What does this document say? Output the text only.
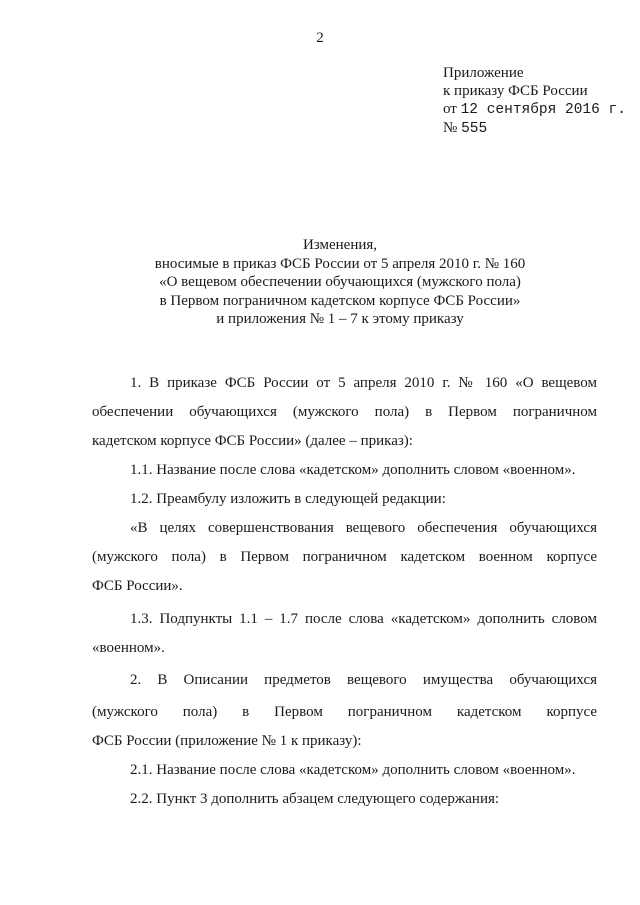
2
Приложение
к приказу ФСБ России
от 12 сентября 2016 г.
№ 555
Изменения,
вносимые в приказ ФСБ России от 5 апреля 2010 г. № 160
«О вещевом обеспечении обучающихся (мужского пола)
в Первом пограничном кадетском корпусе ФСБ России»
и приложения № 1 – 7 к этому приказу
1. В приказе ФСБ России от 5 апреля 2010 г. № 160 «О вещевом
обеспечении обучающихся (мужского пола) в Первом пограничном
кадетском корпусе ФСБ России» (далее – приказ):
1.1. Название после слова «кадетском» дополнить словом «военном».
1.2. Преамбулу изложить в следующей редакции:
«В целях совершенствования вещевого обеспечения обучающихся
(мужского пола) в Первом пограничном кадетском военном корпусе
ФСБ России».
1.3. Подпункты 1.1 – 1.7 после слова «кадетском» дополнить словом
«военном».
2. В Описании предметов вещевого имущества обучающихся
(мужского пола) в Первом пограничном кадетском корпусе
ФСБ России (приложение № 1 к приказу):
2.1. Название после слова «кадетском» дополнить словом «военном».
2.2. Пункт 3 дополнить абзацем следующего содержания:
